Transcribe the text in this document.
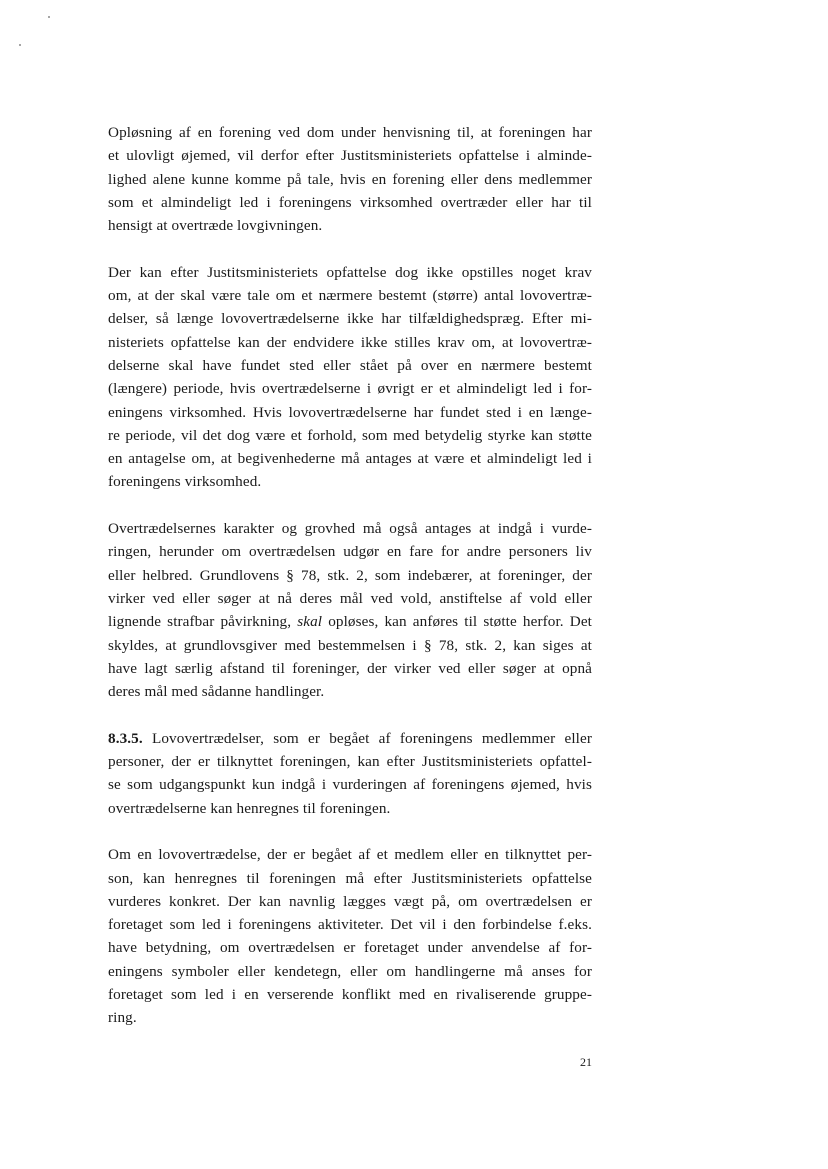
Opløsning af en forening ved dom under henvisning til, at foreningen har
et ulovligt øjemed, vil derfor efter Justitsministeriets opfattelse i alminde-
lighed alene kunne komme på tale, hvis en forening eller dens medlemmer
som et almindeligt led i foreningens virksomhed overtræder eller har til
hensigt at overtræde lovgivningen.

Der kan efter Justitsministeriets opfattelse dog ikke opstilles noget krav
om, at der skal være tale om et nærmere bestemt (større) antal lovovertræ-
delser, så længe lovovertrædelserne ikke har tilfældighedspræg. Efter mi-
nisteriets opfattelse kan der endvidere ikke stilles krav om, at lovovertræ-
delserne skal have fundet sted eller stået på over en nærmere bestemt
(længere) periode, hvis overtrædelserne i øvrigt er et almindeligt led i for-
eningens virksomhed. Hvis lovovertrædelserne har fundet sted i en længe-
re periode, vil det dog være et forhold, som med betydelig styrke kan støtte
en antagelse om, at begivenhederne må antages at være et almindeligt led i
foreningens virksomhed.

Overtrædelsernes karakter og grovhed må også antages at indgå i vurde-
ringen, herunder om overtrædelsen udgør en fare for andre personers liv
eller helbred. Grundlovens § 78, stk. 2, som indebærer, at foreninger, der
virker ved eller søger at nå deres mål ved vold, anstiftelse af vold eller
lignende strafbar påvirkning, skal opløses, kan anføres til støtte herfor. Det
skyldes, at grundlovsgiver med bestemmelsen i § 78, stk. 2, kan siges at
have lagt særlig afstand til foreninger, der virker ved eller søger at opnå
deres mål med sådanne handlinger.

8.3.5. Lovovertrædelser, som er begået af foreningens medlemmer eller
personer, der er tilknyttet foreningen, kan efter Justitsministeriets opfattel-
se som udgangspunkt kun indgå i vurderingen af foreningens øjemed, hvis
overtrædelserne kan henregnes til foreningen.

Om en lovovertrædelse, der er begået af et medlem eller en tilknyttet per-
son, kan henregnes til foreningen må efter Justitsministeriets opfattelse
vurderes konkret. Der kan navnlig lægges vægt på, om overtrædelsen er
foretaget som led i foreningens aktiviteter. Det vil i den forbindelse f.eks.
have betydning, om overtrædelsen er foretaget under anvendelse af for-
eningens symboler eller kendetegn, eller om handlingerne må anses for
foretaget som led i en verserende konflikt med en rivaliserende gruppe-
ring.

21
